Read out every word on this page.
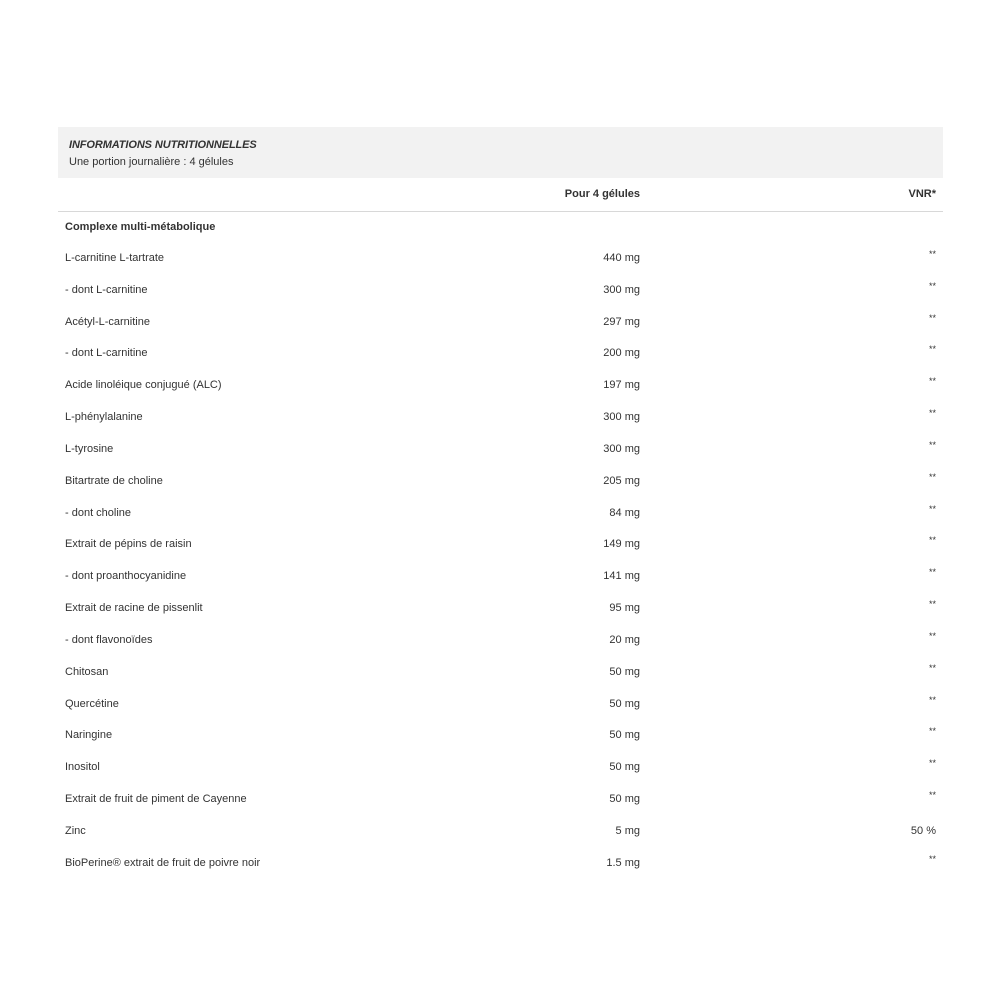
INFORMATIONS NUTRITIONNELLES
Une portion journalière : 4 gélules
Pour 4 gélules	VNR*
Complexe multi-métabolique
L-carnitine L-tartrate	440 mg	**
- dont L-carnitine	300 mg	**
Acétyl-L-carnitine	297 mg	**
- dont L-carnitine	200 mg	**
Acide linoléique conjugué (ALC)	197 mg	**
L-phénylalanine	300 mg	**
L-tyrosine	300 mg	**
Bitartrate de choline	205 mg	**
- dont choline	84 mg	**
Extrait de pépins de raisin	149 mg	**
- dont proanthocyanidine	141 mg	**
Extrait de racine de pissenlit	95 mg	**
- dont flavonoïdes	20 mg	**
Chitosan	50 mg	**
Quercétine	50 mg	**
Naringine	50 mg	**
Inositol	50 mg	**
Extrait de fruit de piment de Cayenne	50 mg	**
Zinc	5 mg	50 %
BioPerine® extrait de fruit de poivre noir	1.5 mg	**
